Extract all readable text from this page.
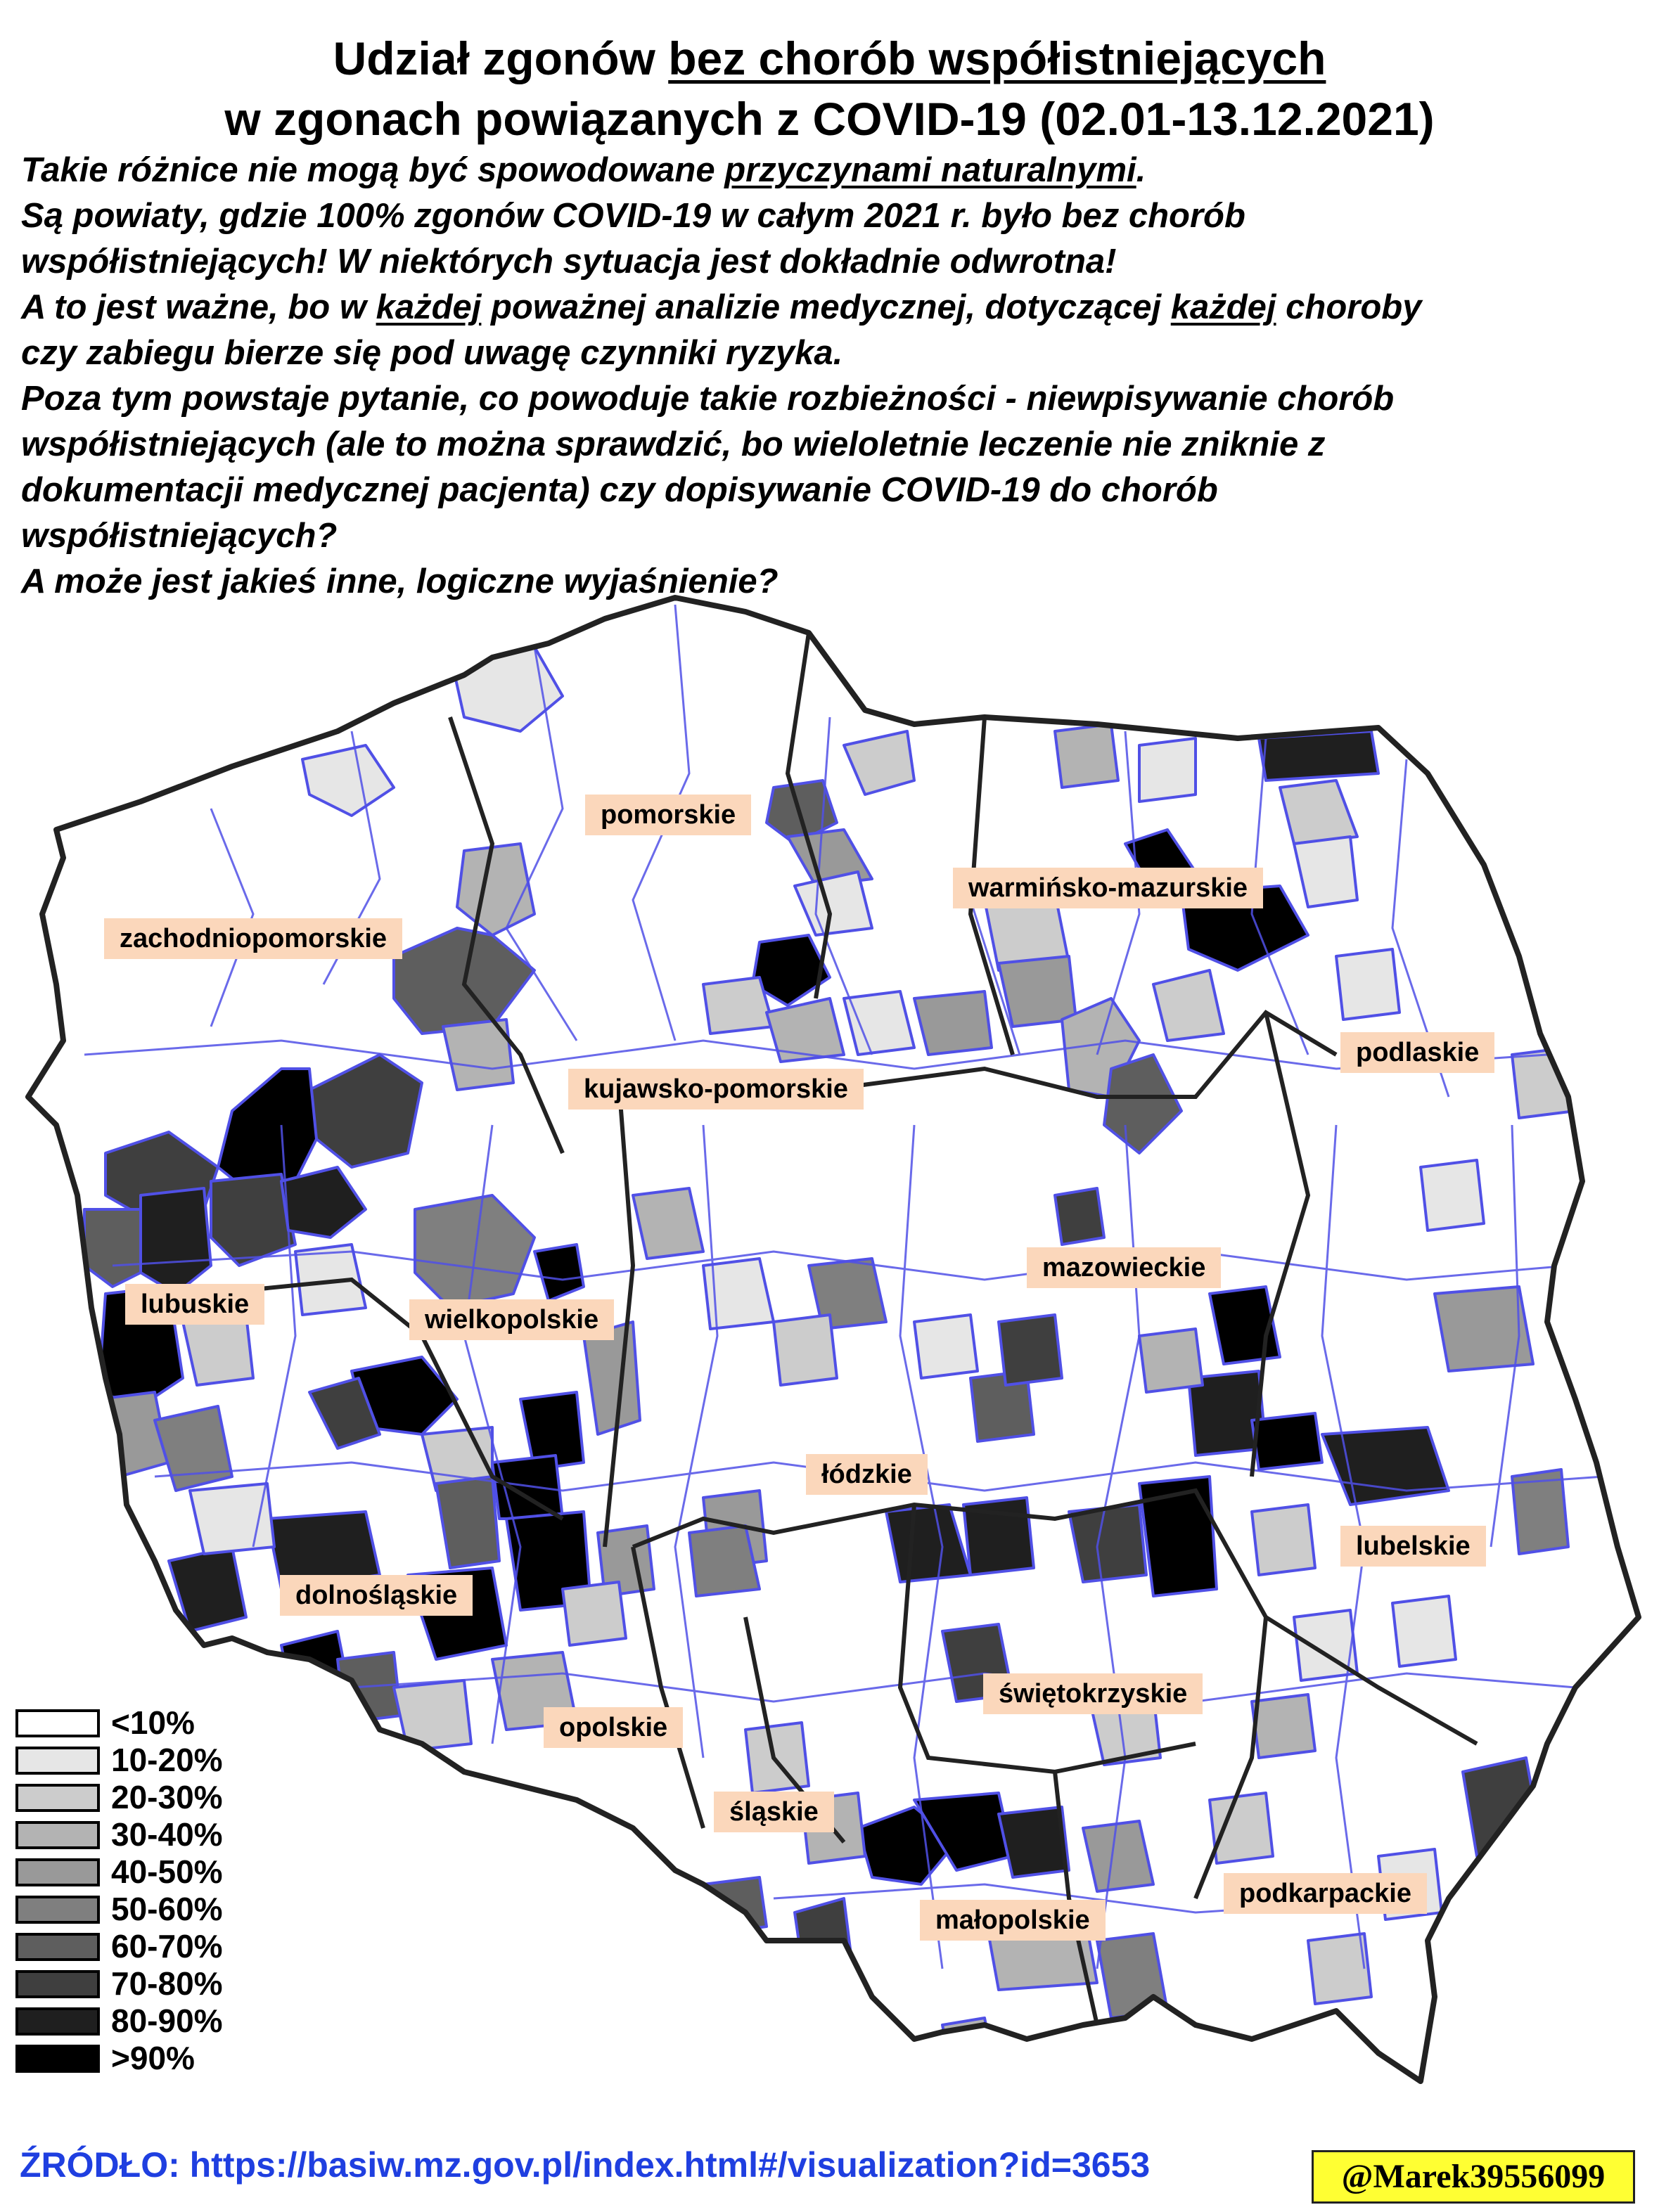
Udział zgonów bez chorób współistniejących
w zgonach powiązanych z COVID-19 (02.01-13.12.2021)
Takie różnice nie mogą być spowodowane przyczynami naturalnymi.
Są powiaty, gdzie 100% zgonów COVID-19 w całym 2021 r. było bez chorób
współistniejących! W niektórych sytuacja jest dokładnie odwrotna!
A to jest ważne, bo w każdej poważnej analizie medycznej, dotyczącej każdej choroby
czy zabiegu bierze się pod uwagę czynniki ryzyka.
Poza tym powstaje pytanie, co powoduje takie rozbieżności - niewpisywanie chorób
współistniejących (ale to można sprawdzić, bo wieloletnie leczenie nie zniknie z
dokumentacji medycznej pacjenta) czy dopisywanie COVID-19 do chorób
współistniejących?
A może jest jakieś inne, logiczne wyjaśnienie?
pomorskie
warmińsko-mazurskie
zachodniopomorskie
podlaskie
kujawsko-pomorskie
mazowieckie
lubuskie
wielkopolskie
łódzkie
lubelskie
dolnośląskie
świętokrzyskie
opolskie
śląskie
podkarpackie
małopolskie
<10%
10-20%
20-30%
30-40%
40-50%
50-60%
60-70%
70-80%
80-90%
>90%
ŹRÓDŁO: https://basiw.mz.gov.pl/index.html#/visualization?id=3653	@Marek39556099
